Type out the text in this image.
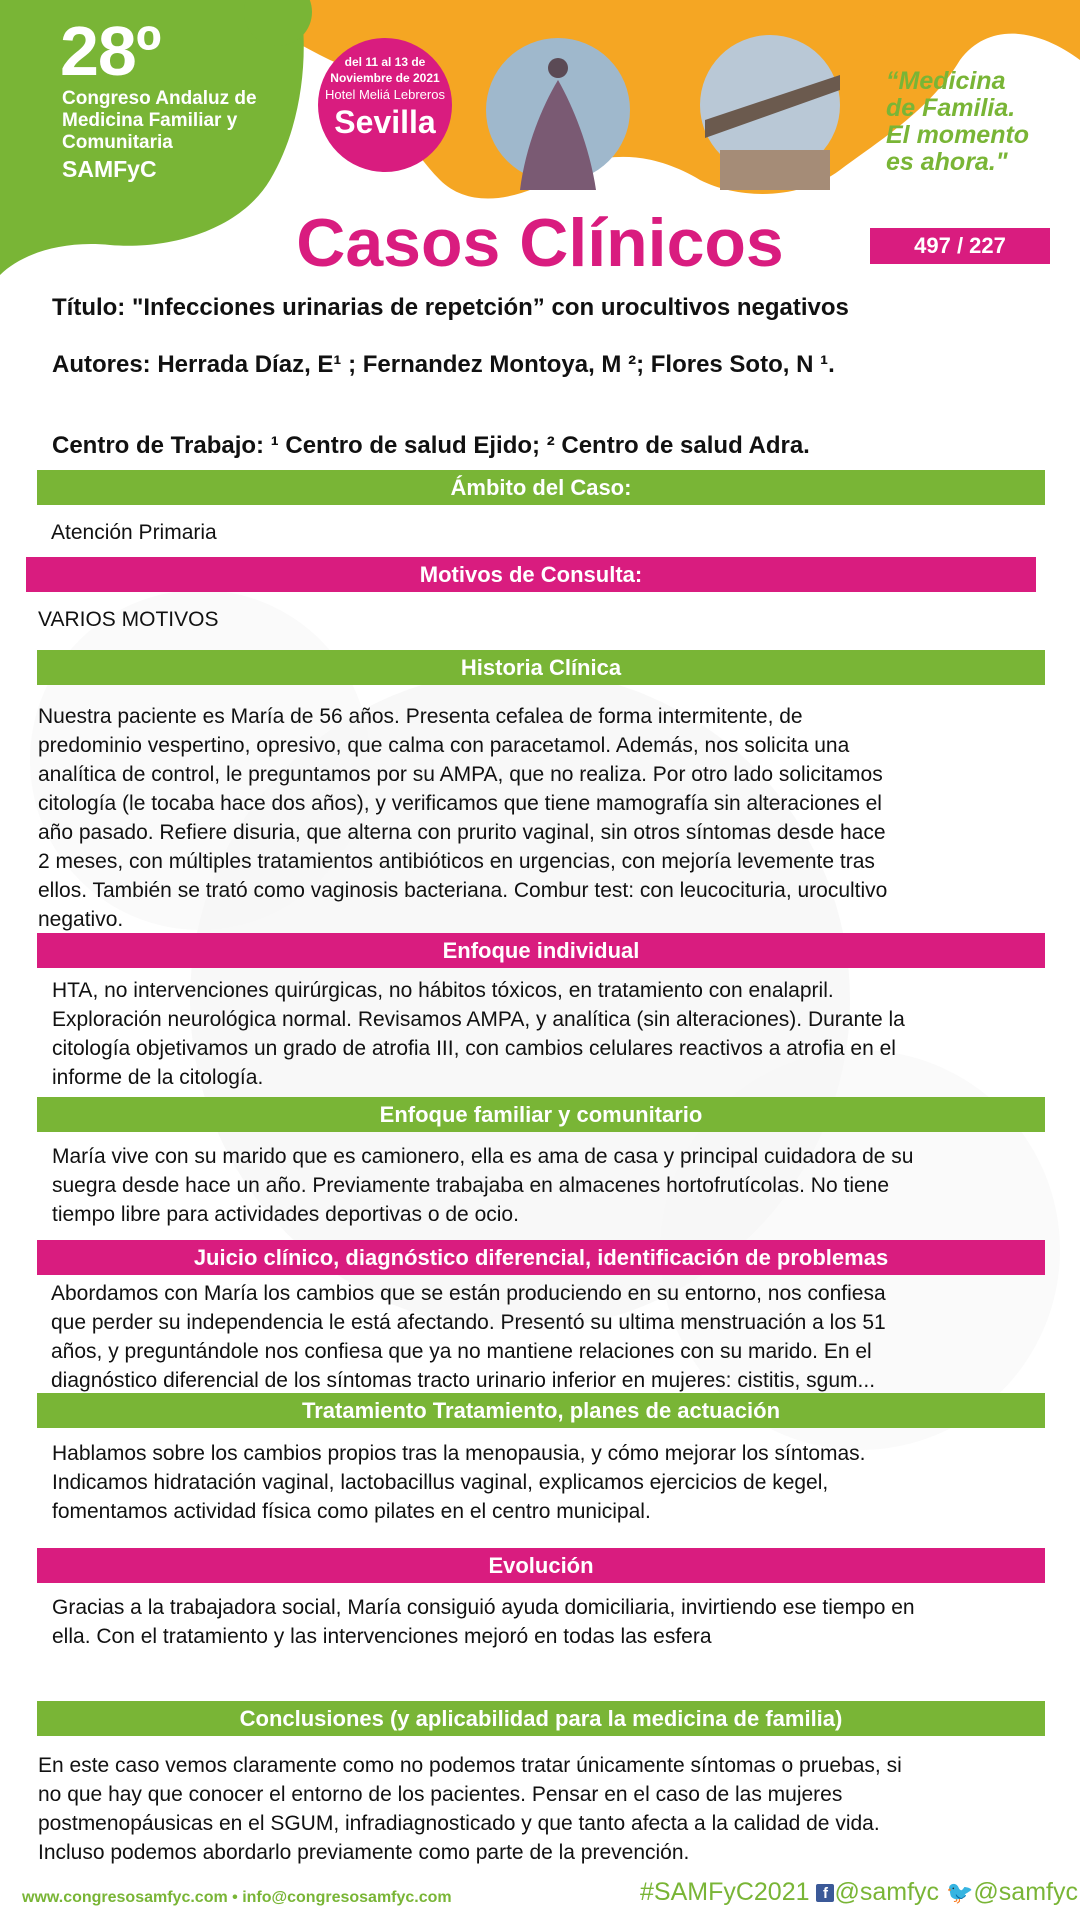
28º
Congreso Andaluz de Medicina Familiar y Comunitaria
SAMFyC
del 11 al 13 de
Noviembre de 2021
Hotel Meliá Lebreros
Sevilla
“Medicina
de Familia.
El momento
es ahora."
Casos Clínicos	497 / 227
Título: "Infecciones urinarias de repetción” con urocultivos negativos
Autores: Herrada Díaz, E¹ ; Fernandez Montoya, M ²; Flores Soto, N ¹.
Centro de Trabajo: ¹ Centro de salud Ejido; ² Centro de salud Adra.
Ámbito del Caso:
Atención Primaria
Motivos de Consulta:
VARIOS MOTIVOS
Historia Clínica
Nuestra paciente es María de 56 años. Presenta cefalea de forma intermitente, de
predominio vespertino, opresivo, que calma con paracetamol. Además, nos solicita una
analítica de control, le preguntamos por su AMPA, que no realiza. Por otro lado solicitamos
citología (le tocaba hace dos años), y verificamos que tiene mamografía sin alteraciones el
año pasado. Refiere disuria, que alterna con prurito vaginal, sin otros síntomas desde hace
2 meses, con múltiples tratamientos antibióticos en urgencias, con mejoría levemente tras
ellos. También se trató como vaginosis bacteriana. Combur test: con leucocituria, urocultivo
negativo.
Enfoque individual
HTA, no intervenciones quirúrgicas, no hábitos tóxicos, en tratamiento con enalapril.
Exploración neurológica normal. Revisamos AMPA, y analítica (sin alteraciones). Durante la
citología objetivamos un grado de atrofia III, con cambios celulares reactivos a atrofia en el
informe de la citología.
Enfoque familiar y comunitario
María vive con su marido que es camionero, ella es ama de casa y principal cuidadora de su
suegra desde hace un año. Previamente trabajaba en almacenes hortofrutícolas. No tiene
tiempo libre para actividades deportivas o de ocio.
Juicio clínico, diagnóstico diferencial, identificación de problemas
Abordamos con María los cambios que se están produciendo en su entorno, nos confiesa
que perder su independencia le está afectando. Presentó su ultima menstruación a los 51
años, y preguntándole nos confiesa que ya no mantiene relaciones con su marido. En el
diagnóstico diferencial de los síntomas tracto urinario inferior en mujeres: cistitis, sgum...
Tratamiento Tratamiento, planes de actuación
Hablamos sobre los cambios propios tras la menopausia, y cómo mejorar los síntomas.
Indicamos hidratación vaginal, lactobacillus vaginal, explicamos ejercicios de kegel,
fomentamos actividad física como pilates en el centro municipal.
Evolución
Gracias a la trabajadora social, María consiguió ayuda domiciliaria, invirtiendo ese tiempo en
ella. Con el tratamiento y las intervenciones mejoró en todas las esfera
Conclusiones (y aplicabilidad para la medicina de familia)
En este caso vemos claramente como no podemos tratar únicamente síntomas o pruebas, si
no que hay que conocer el entorno de los pacientes. Pensar en el caso de las mujeres
postmenopáusicas en el SGUM, infradiagnosticado y que tanto afecta a la calidad de vida.
Incluso podemos abordarlo previamente como parte de la prevención.
www.congresosamfyc.com • info@congresosamfyc.com	#SAMFyC2021 f @samfyc 🐦@samfyc
